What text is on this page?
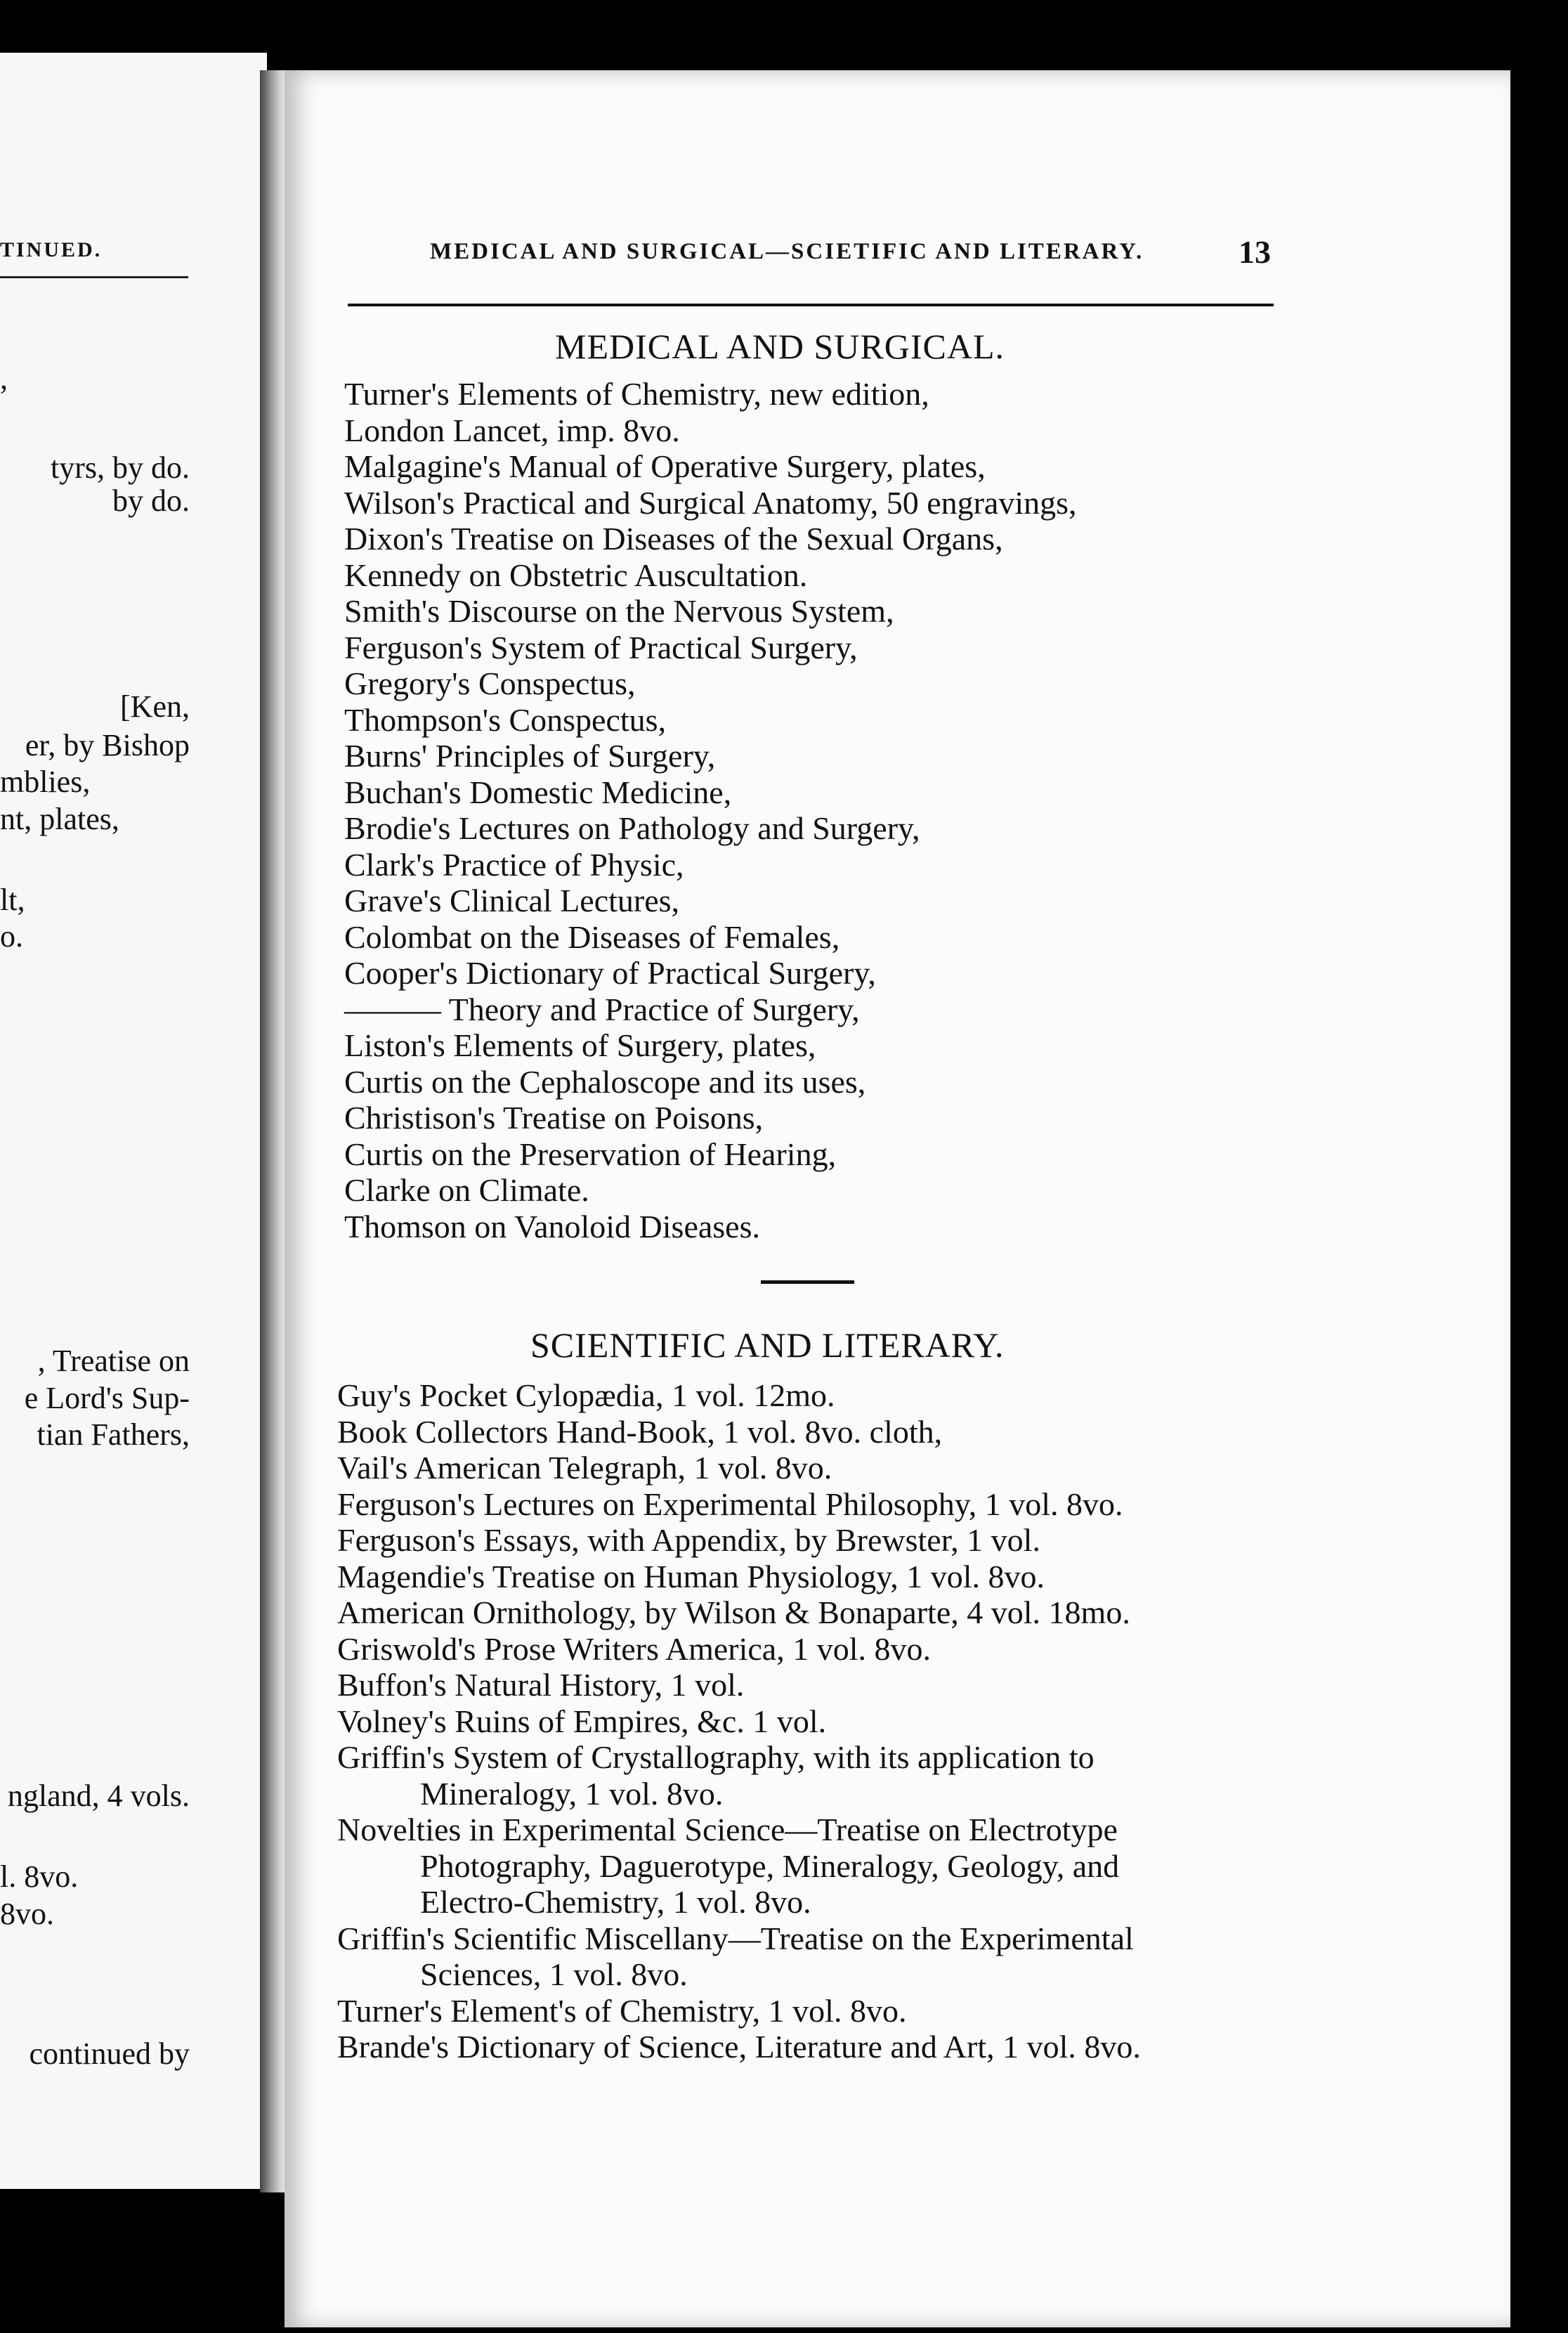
TINUED.
,
tyrs, by do.
by do.
[Ken,
er, by Bishop
mblies,
nt, plates,
lt,
o.
, Treatise on
e Lord's Sup-
tian Fathers,
ngland, 4 vols.
l. 8vo.
8vo.
continued by
MEDICAL AND SURGICAL—SCIETIFIC AND LITERARY.	13
MEDICAL AND SURGICAL.
Turner's Elements of Chemistry, new edition,
London Lancet, imp. 8vo.
Malgagine's Manual of Operative Surgery, plates,
Wilson's Practical and Surgical Anatomy, 50 engravings,
Dixon's Treatise on Diseases of the Sexual Organs,
Kennedy on Obstetric Auscultation.
Smith's Discourse on the Nervous System,
Ferguson's System of Practical Surgery,
Gregory's Conspectus,
Thompson's Conspectus,
Burns' Principles of Surgery,
Buchan's Domestic Medicine,
Brodie's Lectures on Pathology and Surgery,
Clark's Practice of Physic,
Grave's Clinical Lectures,
Colombat on the Diseases of Females,
Cooper's Dictionary of Practical Surgery,
——— Theory and Practice of Surgery,
Liston's Elements of Surgery, plates,
Curtis on the Cephaloscope and its uses,
Christison's Treatise on Poisons,
Curtis on the Preservation of Hearing,
Clarke on Climate.
Thomson on Vanoloid Diseases.
SCIENTIFIC AND LITERARY.
Guy's Pocket Cylopædia, 1 vol. 12mo.
Book Collectors Hand-Book, 1 vol. 8vo. cloth,
Vail's American Telegraph, 1 vol. 8vo.
Ferguson's Lectures on Experimental Philosophy, 1 vol. 8vo.
Ferguson's Essays, with Appendix, by Brewster, 1 vol.
Magendie's Treatise on Human Physiology, 1 vol. 8vo.
American Ornithology, by Wilson & Bonaparte, 4 vol. 18mo.
Griswold's Prose Writers America, 1 vol. 8vo.
Buffon's Natural History, 1 vol.
Volney's Ruins of Empires, &c. 1 vol.
Griffin's System of Crystallography, with its application to
Mineralogy, 1 vol. 8vo.
Novelties in Experimental Science—Treatise on Electrotype
Photography, Daguerotype, Mineralogy, Geology, and
Electro-Chemistry, 1 vol. 8vo.
Griffin's Scientific Miscellany—Treatise on the Experimental
Sciences, 1 vol. 8vo.
Turner's Element's of Chemistry, 1 vol. 8vo.
Brande's Dictionary of Science, Literature and Art, 1 vol. 8vo.
